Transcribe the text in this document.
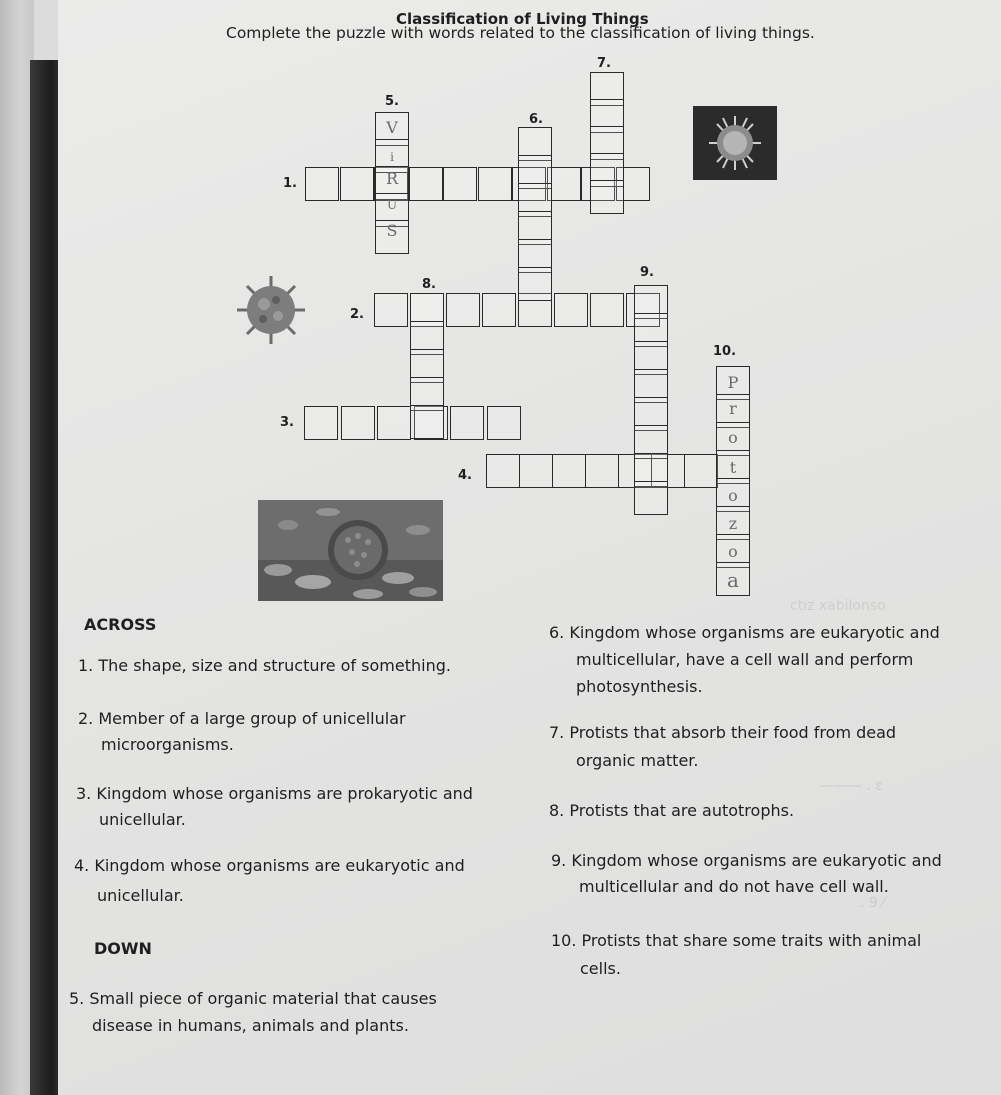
ctiz xabilonso
——— . ε
. 9 ⁄
Classification of Living Things
Complete the puzzle with words related to the classification of living things.
7.
5.
6.
1.
8.
9.
2.
10.
3.
4.
P
r
o
t
o
z
o
a
V
i
R
U
S
ACROSS
1. The shape, size and structure of something.
2. Member of a large group of unicellular
microorganisms.
3. Kingdom whose organisms are prokaryotic and
unicellular.
4. Kingdom whose organisms are eukaryotic and
unicellular.
DOWN
5. Small piece of organic material that causes
disease in humans, animals and plants.
6. Kingdom whose organisms are eukaryotic and
multicellular, have a cell wall and perform
photosynthesis.
7. Protists that absorb their food from dead
organic matter.
8. Protists that are autotrophs.
9. Kingdom whose organisms are eukaryotic and
multicellular and do not have cell wall.
10. Protists that share some traits with animal
cells.
